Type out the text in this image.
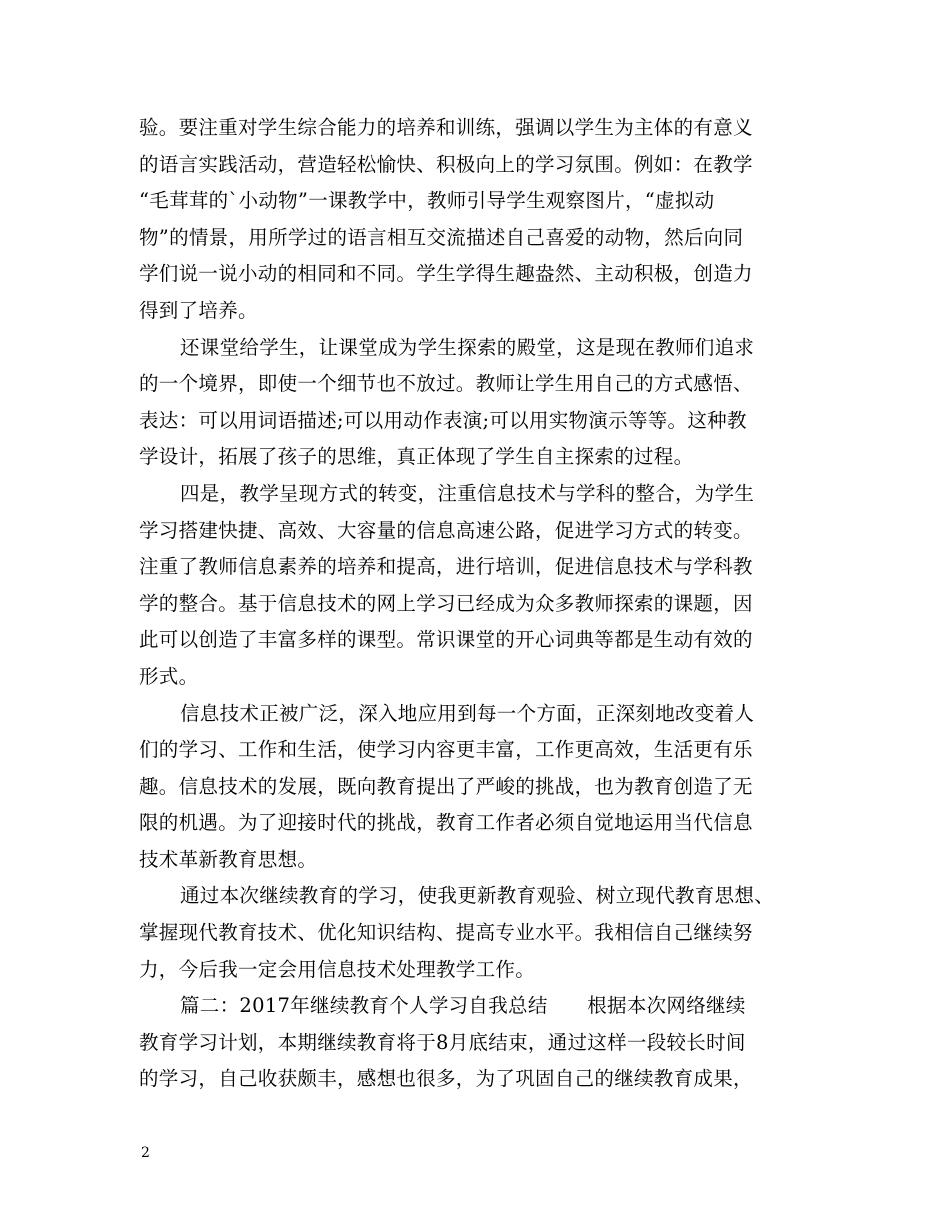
验。要注重对学生综合能力的培养和训练，强调以学生为主体的有意义
的语言实践活动，营造轻松愉快、积极向上的学习氛围。例如：在教学
“毛茸茸的`小动物”一课教学中，教师引导学生观察图片，“虚拟动
物”的情景，用所学过的语言相互交流描述自己喜爱的动物，然后向同
学们说一说小动的相同和不同。学生学得生趣盎然、主动积极，创造力
得到了培养。
还课堂给学生，让课堂成为学生探索的殿堂，这是现在教师们追求
的一个境界，即使一个细节也不放过。教师让学生用自己的方式感悟、
表达：可以用词语描述;可以用动作表演;可以用实物演示等等。这种教
学设计，拓展了孩子的思维，真正体现了学生自主探索的过程。
四是，教学呈现方式的转变，注重信息技术与学科的整合，为学生
学习搭建快捷、高效、大容量的信息高速公路，促进学习方式的转变。
注重了教师信息素养的培养和提高，进行培训，促进信息技术与学科教
学的整合。基于信息技术的网上学习已经成为众多教师探索的课题，因
此可以创造了丰富多样的课型。常识课堂的开心词典等都是生动有效的
形式。
信息技术正被广泛，深入地应用到每一个方面，正深刻地改变着人
们的学习、工作和生活，使学习内容更丰富，工作更高效，生活更有乐
趣。信息技术的发展，既向教育提出了严峻的挑战，也为教育创造了无
限的机遇。为了迎接时代的挑战，教育工作者必须自觉地运用当代信息
技术革新教育思想。
通过本次继续教育的学习，使我更新教育观验、树立现代教育思想、
掌握现代教育技术、优化知识结构、提高专业水平。我相信自己继续努
力，今后我一定会用信息技术处理教学工作。
篇二：2017年继续教育个人学习自我总结　　根据本次网络继续
教育学习计划，本期继续教育将于8月底结束，通过这样一段较长时间
的学习，自己收获颇丰，感想也很多，为了巩固自己的继续教育成果，
2
